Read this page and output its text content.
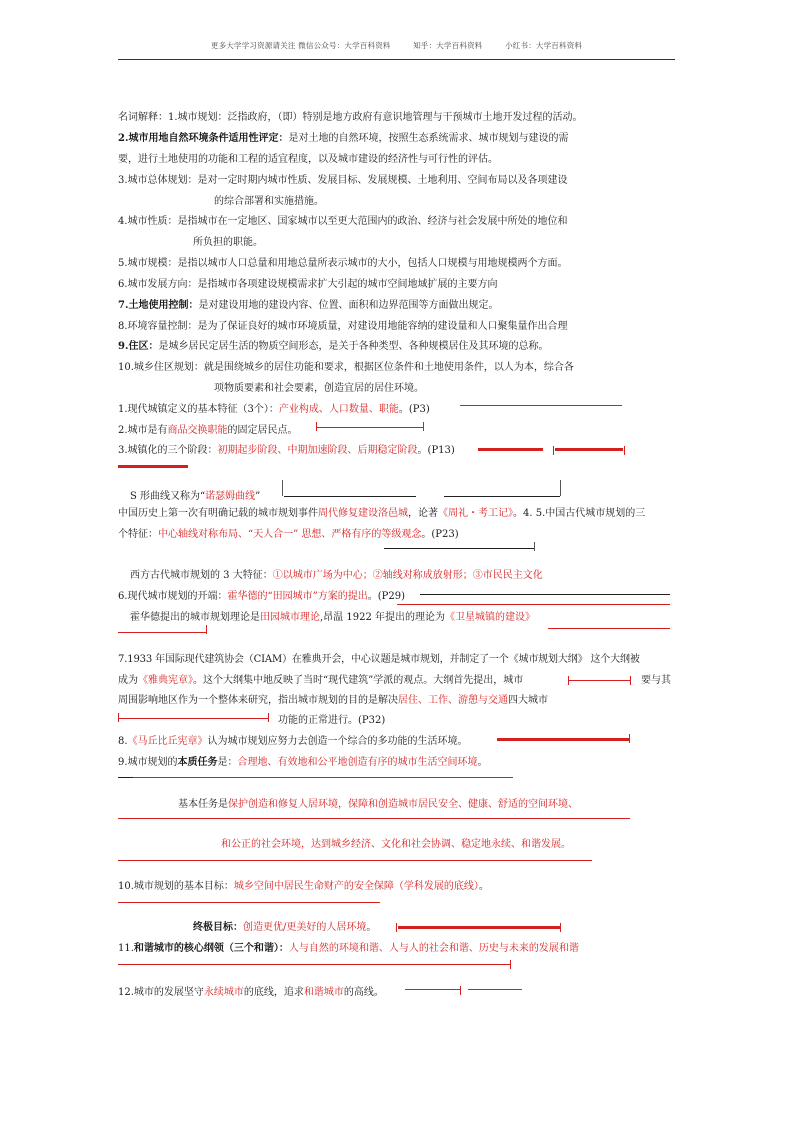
更多大学学习资源请关注 微信公众号：大学百科资料	知乎：大学百科资料	小红书：大学百科资料
名词解释：1.城市规划：泛指政府，（即）特别是地方政府有意识地管理与干预城市土地开发过程的活动。
2.城市用地自然环境条件适用性评定：是对土地的自然环境，按照生态系统需求、城市规划与建设的需
要，进行土地使用的功能和工程的适宜程度，以及城市建设的经济性与可行性的评估。
3.城市总体规划：是对一定时期内城市性质、发展目标、发展规模、土地利用、空间布局以及各项建设
的综合部署和实施措施。
4.城市性质：是指城市在一定地区、国家城市以至更大范围内的政治、经济与社会发展中所处的地位和
所负担的职能。
5.城市规模：是指以城市人口总量和用地总量所表示城市的大小，包括人口规模与用地规模两个方面。
6.城市发展方向：是指城市各项建设规模需求扩大引起的城市空间地域扩展的主要方向
7.土地使用控制：是对建设用地的建设内容、位置、面积和边界范围等方面做出规定。
8.环境容量控制：是为了保证良好的城市环境质量，对建设用地能容纳的建设量和人口聚集量作出合理
9.住区：是城乡居民定居生活的物质空间形态，是关于各种类型、各种规模居住及其环境的总称。
10.城乡住区规划：就是围绕城乡的居住功能和要求，根据区位条件和土地使用条件，以人为本，综合各
项物质要素和社会要素，创造宜居的居住环境。
1.现代城镇定义的基本特征（3个）：产业构成、人口数量、职能。(P3)
2.城市是有商品交换职能的固定居民点。
3.城镇化的三个阶段：初期起步阶段、中期加速阶段、后期稳定阶段。(P13)
S 形曲线又称为“诺瑟姆曲线”
中国历史上第一次有明确记载的城市规划事件周代修复建设洛邑城，论著《周礼・考工记》。4. 5.中国古代城市规划的三
个特征：中心轴线对称布局、“天人合一” 思想、严格有序的等级观念。(P23)
西方古代城市规划的 3 大特征：①以城市广场为中心；②轴线对称成放射形；③市民民主文化
6.现代城市规划的开端：霍华德的“田园城市”方案的提出。(P29)
霍华德提出的城市规划理论是田园城市理论,昂温 1922 年提出的理论为《卫星城镇的建设》
7.1933 年国际现代建筑协会（CIAM）在雅典开会，中心议题是城市规划，并制定了一个《城市规划大纲》 这个大纲被
成为《雅典宪章》。这个大纲集中地反映了当时“现代建筑”学派的观点。大纲首先提出，城市	要与其
周围影响地区作为一个整体来研究，指出城市规划的目的是解决居住、工作、游憩与交通四大城市
功能的正常进行。(P32)
8.《马丘比丘宪章》认为城市规划应努力去创造一个综合的多功能的生活环境。
9.城市规划的本质任务是：合理地、有效地和公平地创造有序的城市生活空间环境。
基本任务是保护创造和修复人居环境，保障和创造城市居民安全、健康、舒适的空间环境、
和公正的社会环境，达到城乡经济、文化和社会协调、稳定地永续、和谐发展。
10.城市规划的基本目标：城乡空间中居民生命财产的安全保障（学科发展的底线）。
终极目标：创造更优/更美好的人居环境。
11.和谐城市的核心纲领（三个和谐）：人与自然的环境和谐、人与人的社会和谐、历史与未来的发展和谐
12.城市的发展坚守永续城市的底线，追求和谐城市的高线。
